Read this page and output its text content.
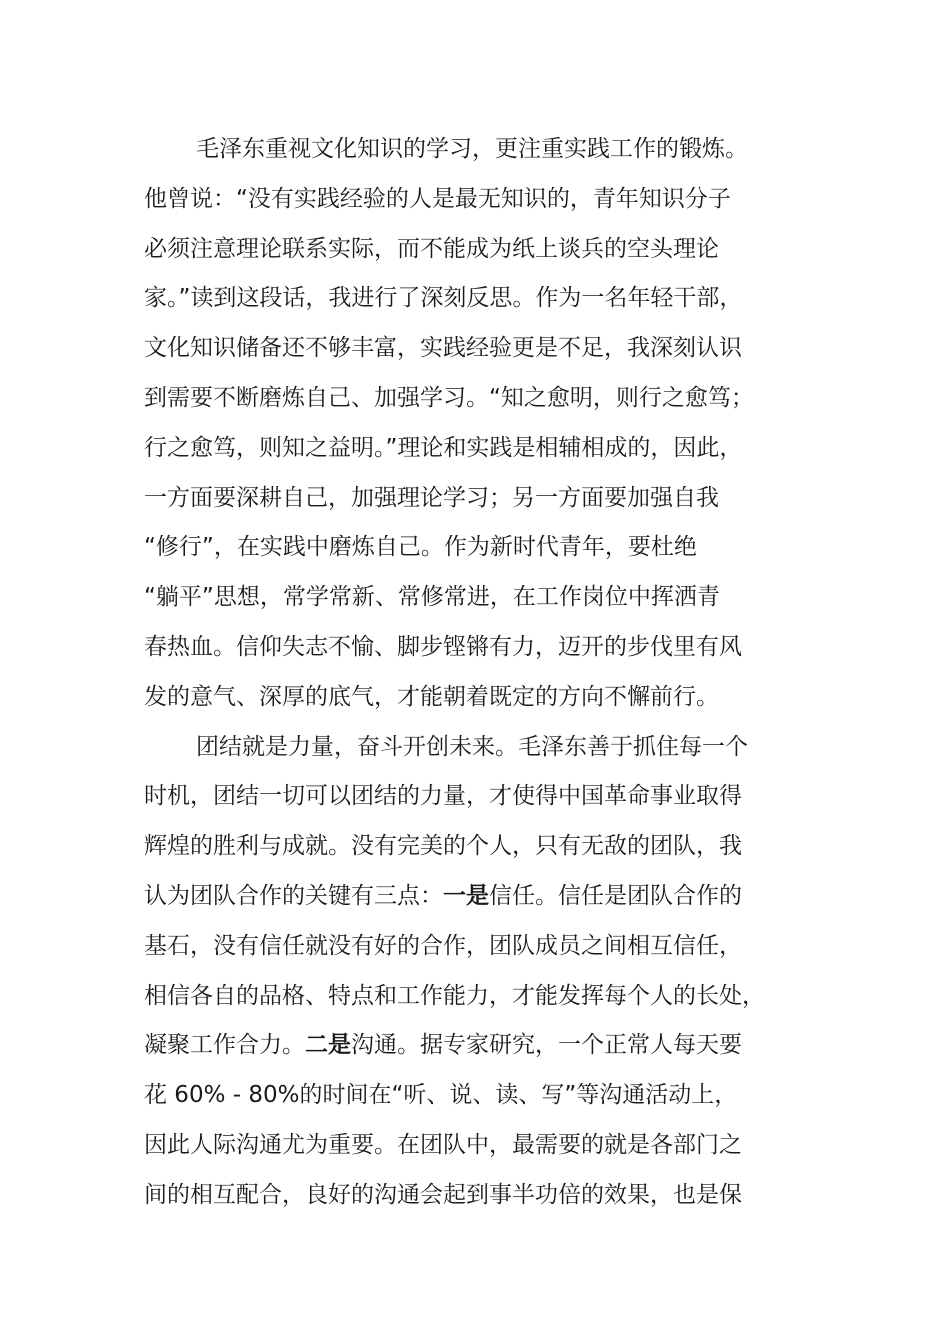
毛泽东重视文化知识的学习，更注重实践工作的锻炼。
他曾说：“没有实践经验的人是最无知识的，青年知识分子
必须注意理论联系实际，而不能成为纸上谈兵的空头理论
家。”读到这段话，我进行了深刻反思。作为一名年轻干部，
文化知识储备还不够丰富，实践经验更是不足，我深刻认识
到需要不断磨炼自己、加强学习。“知之愈明，则行之愈笃；
行之愈笃，则知之益明。”理论和实践是相辅相成的，因此，
一方面要深耕自己，加强理论学习；另一方面要加强自我
“修行”，在实践中磨炼自己。作为新时代青年，要杜绝
“躺平”思想，常学常新、常修常进，在工作岗位中挥洒青
春热血。信仰失志不愉、脚步铿锵有力，迈开的步伐里有风
发的意气、深厚的底气，才能朝着既定的方向不懈前行。
团结就是力量，奋斗开创未来。毛泽东善于抓住每一个
时机，团结一切可以团结的力量，才使得中国革命事业取得
辉煌的胜利与成就。没有完美的个人，只有无敌的团队，我
认为团队合作的关键有三点：一是信任。信任是团队合作的
基石，没有信任就没有好的合作，团队成员之间相互信任，
相信各自的品格、特点和工作能力，才能发挥每个人的长处，
凝聚工作合力。二是沟通。据专家研究，一个正常人每天要
花 60% - 80%的时间在“听、说、读、写”等沟通活动上，
因此人际沟通尤为重要。在团队中，最需要的就是各部门之
间的相互配合，良好的沟通会起到事半功倍的效果，也是保
